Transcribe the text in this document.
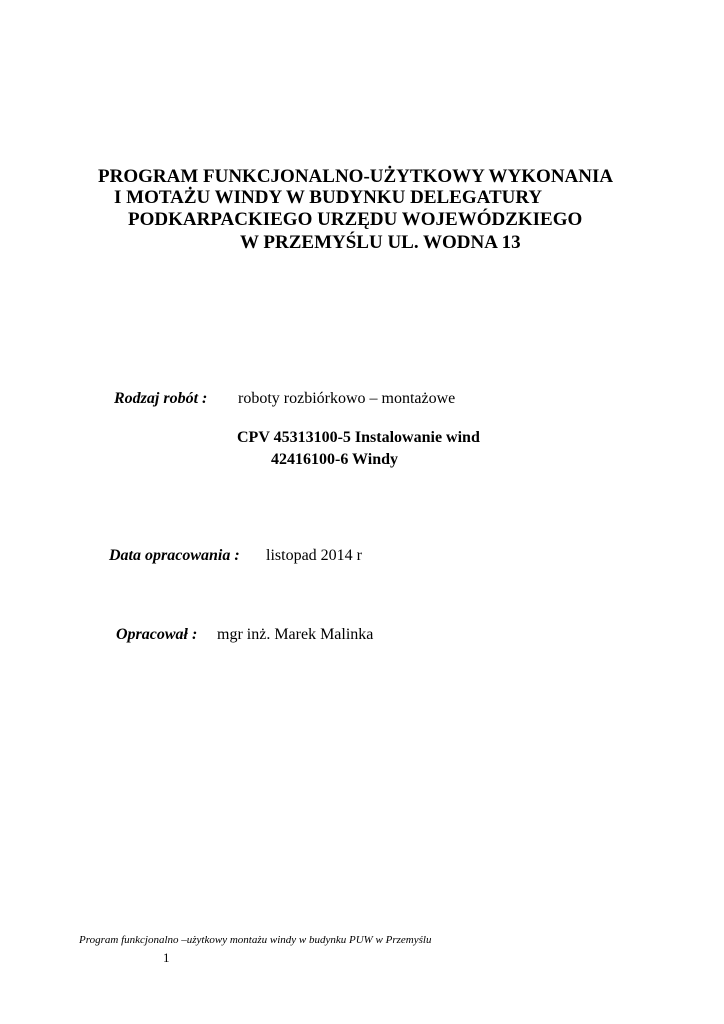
PROGRAM FUNKCJONALNO-UŻYTKOWY WYKONANIA
I MOTAŻU WINDY W BUDYNKU DELEGATURY
PODKARPACKIEGO URZĘDU WOJEWÓDZKIEGO
W PRZEMYŚLU UL. WODNA 13
Rodzaj robót : roboty rozbiórkowo – montażowe
CPV 45313100-5 Instalowanie wind
42416100-6 Windy
Data opracowania : listopad 2014 r
Opracował : mgr inż. Marek Malinka
Program funkcjonalno –użytkowy montażu windy w budynku PUW w Przemyślu
1
